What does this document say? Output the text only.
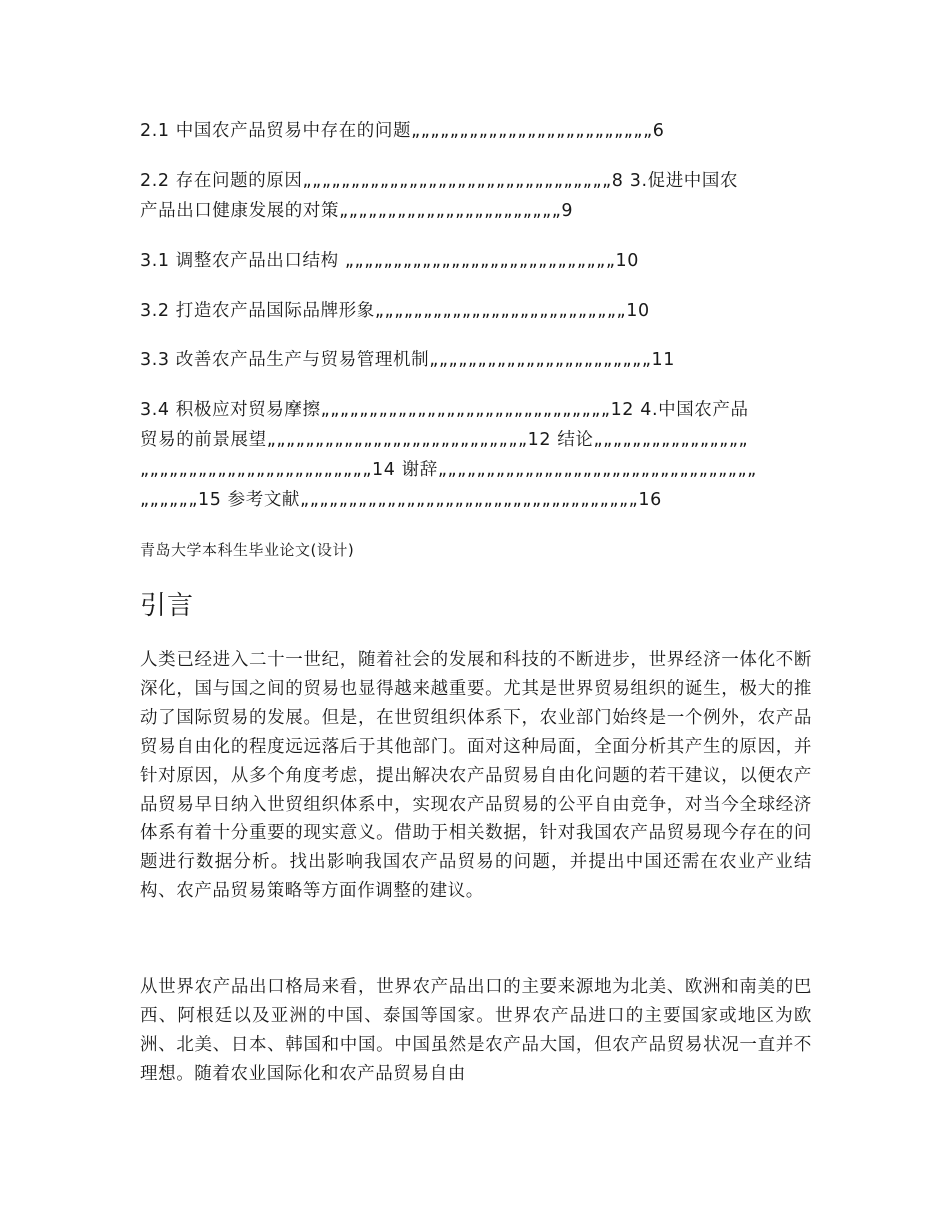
2.1 中国农产品贸易中存在的问题„„„„„„„„„„„„„„„„„„„„„„„„„6
2.2 存在问题的原因„„„„„„„„„„„„„„„„„„„„„„„„„„„„„„„„8 3.促进中国农
产品出口健康发展的对策„„„„„„„„„„„„„„„„„„„„„„„9
3.1 调整农产品出口结构 „„„„„„„„„„„„„„„„„„„„„„„„„„„„10
3.2 打造农产品国际品牌形象„„„„„„„„„„„„„„„„„„„„„„„„„„10
3.3 改善农产品生产与贸易管理机制„„„„„„„„„„„„„„„„„„„„„„„11
3.4 积极应对贸易摩擦„„„„„„„„„„„„„„„„„„„„„„„„„„„„„„12 4.中国农产品
贸易的前景展望„„„„„„„„„„„„„„„„„„„„„„„„„„„12 结论„„„„„„„„„„„„„„„„
„„„„„„„„„„„„„„„„„„„„„„„„14 谢辞„„„„„„„„„„„„„„„„„„„„„„„„„„„„„„„„„
„„„„„„15 参考文献„„„„„„„„„„„„„„„„„„„„„„„„„„„„„„„„„„„16
青岛大学本科生毕业论文(设计)
引言

人类已经进入二十一世纪，随着社会的发展和科技的不断进步，世界经济一体化不断深化，国与国之间的贸易也显得越来越重要。尤其是世界贸易组织的诞生，极大的推动了国际贸易的发展。但是，在世贸组织体系下，农业部门始终是一个例外，农产品贸易自由化的程度远远落后于其他部门。面对这种局面，全面分析其产生的原因，并针对原因，从多个角度考虑，提出解决农产品贸易自由化问题的若干建议，以便农产品贸易早日纳入世贸组织体系中，实现农产品贸易的公平自由竞争，对当今全球经济体系有着十分重要的现实意义。借助于相关数据，针对我国农产品贸易现今存在的问题进行数据分析。找出影响我国农产品贸易的问题，并提出中国还需在农业产业结构、农产品贸易策略等方面作调整的建议。

从世界农产品出口格局来看，世界农产品出口的主要来源地为北美、欧洲和南美的巴西、阿根廷以及亚洲的中国、泰国等国家。世界农产品进口的主要国家或地区为欧洲、北美、日本、韩国和中国。中国虽然是农产品大国，但农产品贸易状况一直并不理想。随着农业国际化和农产品贸易自由
